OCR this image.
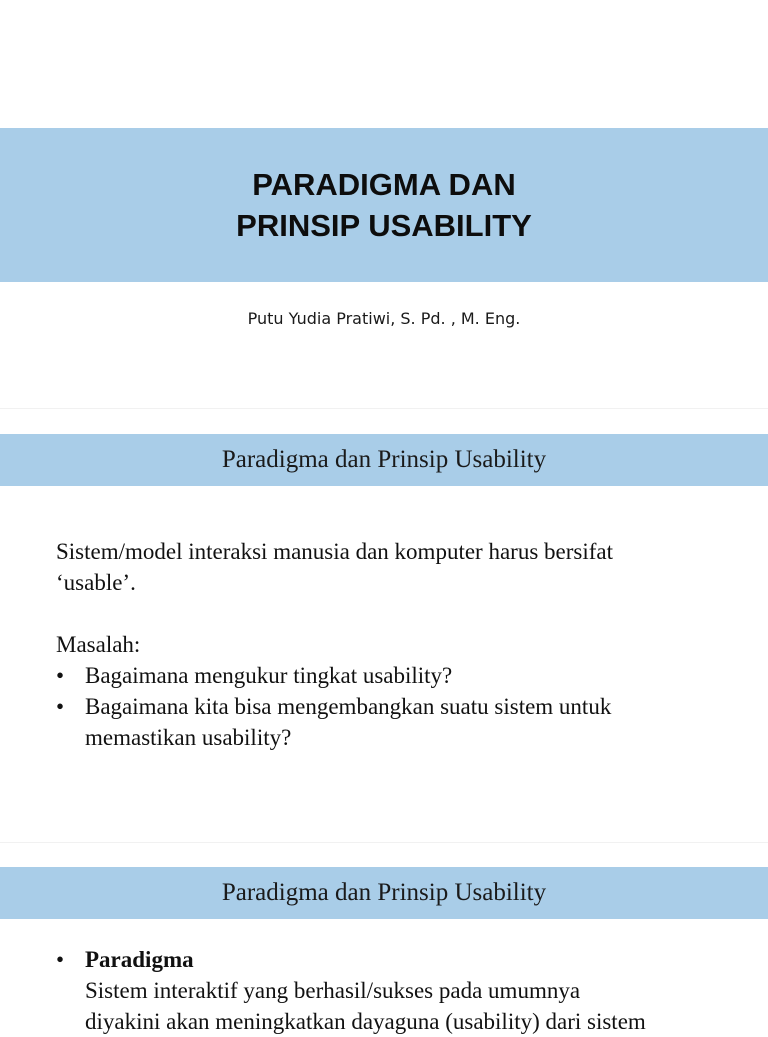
PARADIGMA DAN
PRINSIP USABILITY
Putu Yudia Pratiwi, S. Pd. , M. Eng.
Paradigma dan Prinsip Usability
Sistem/model interaksi manusia dan komputer harus bersifat
‘usable’.
Masalah:
• Bagaimana mengukur tingkat usability?
• Bagaimana kita bisa mengembangkan suatu sistem untuk
memastikan usability?
Paradigma dan Prinsip Usability
• Paradigma
Sistem interaktif yang berhasil/sukses pada umumnya
diyakini akan meningkatkan dayaguna (usability) dari sistem
